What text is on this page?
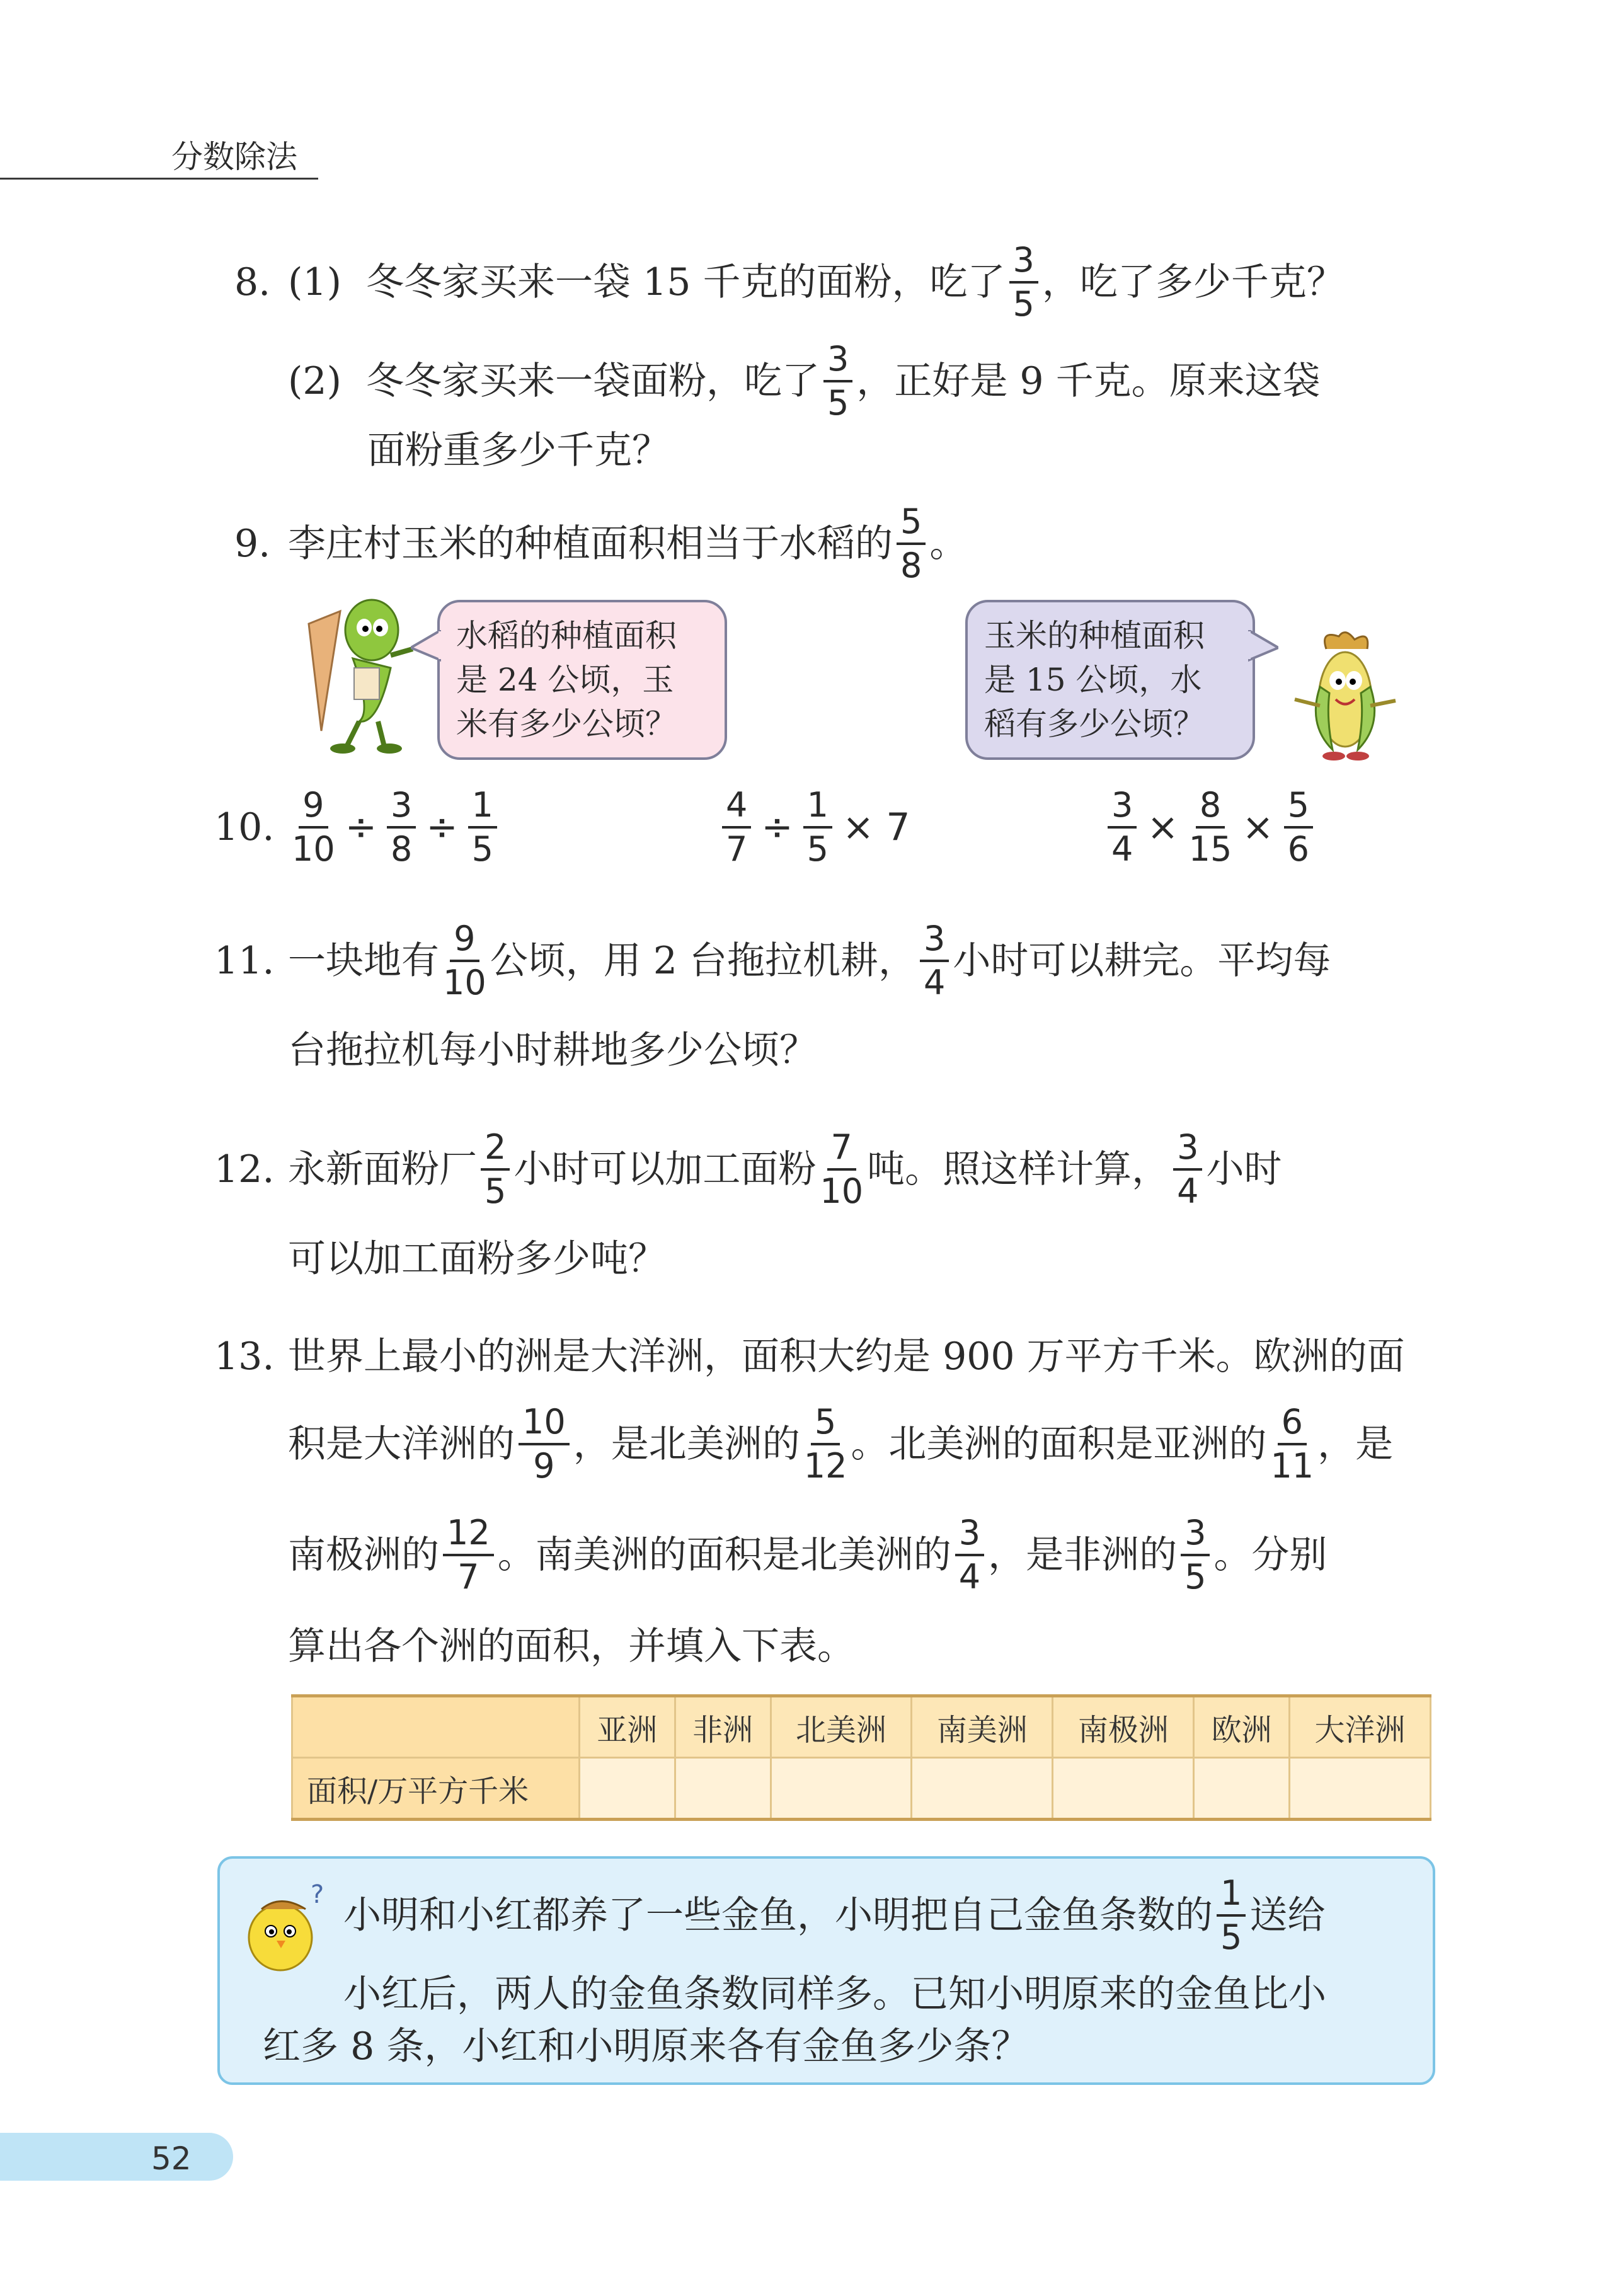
分数除法
8. (1) 冬冬家买来一袋 15 千克的面粉，吃了 $\frac{3}{5}$ ，吃了多少千克？
(2) 冬冬家买来一袋面粉，吃了 $\frac{3}{5}$ ，正好是 9 千克。原来这袋
面粉重多少千克？
9. 李庄村玉米的种植面积相当于水稻的 $\frac{5}{8}$ 。
水稻的种植面积
是 24 公顷，玉
米有多少公顷？
玉米的种植面积
是 15 公顷，水
稻有多少公顷？
10. $\frac{9}{10} \div \frac{3}{8} \div \frac{1}{5}$	$\frac{4}{7} \div \frac{1}{5} \times 7$	$\frac{3}{4} \times \frac{8}{15} \times \frac{5}{6}$
11. 一块地有 $\frac{9}{10}$ 公顷，用 2 台拖拉机耕， $\frac{3}{4}$ 小时可以耕完。平均每
台拖拉机每小时耕地多少公顷？
12. 永新面粉厂 $\frac{2}{5}$ 小时可以加工面粉 $\frac{7}{10}$ 吨。照这样计算， $\frac{3}{4}$ 小时
可以加工面粉多少吨？
13. 世界上最小的洲是大洋洲，面积大约是 900 万平方千米。欧洲的面
积是大洋洲的 $\frac{10}{9}$ ，是北美洲的 $\frac{5}{12}$ 。北美洲的面积是亚洲的 $\frac{6}{11}$ ，是
南极洲的 $\frac{12}{7}$ 。南美洲的面积是北美洲的 $\frac{3}{4}$ ，是非洲的 $\frac{3}{5}$ 。分别
算出各个洲的面积，并填入下表。
	亚洲	非洲	北美洲	南美洲	南极洲	欧洲	大洋洲
面积/万平方千米							
? 小明和小红都养了一些金鱼，小明把自己金鱼条数的 $\frac{1}{5}$ 送给
小红后，两人的金鱼条数同样多。已知小明原来的金鱼比小
红多 8 条，小红和小明原来各有金鱼多少条？
52
